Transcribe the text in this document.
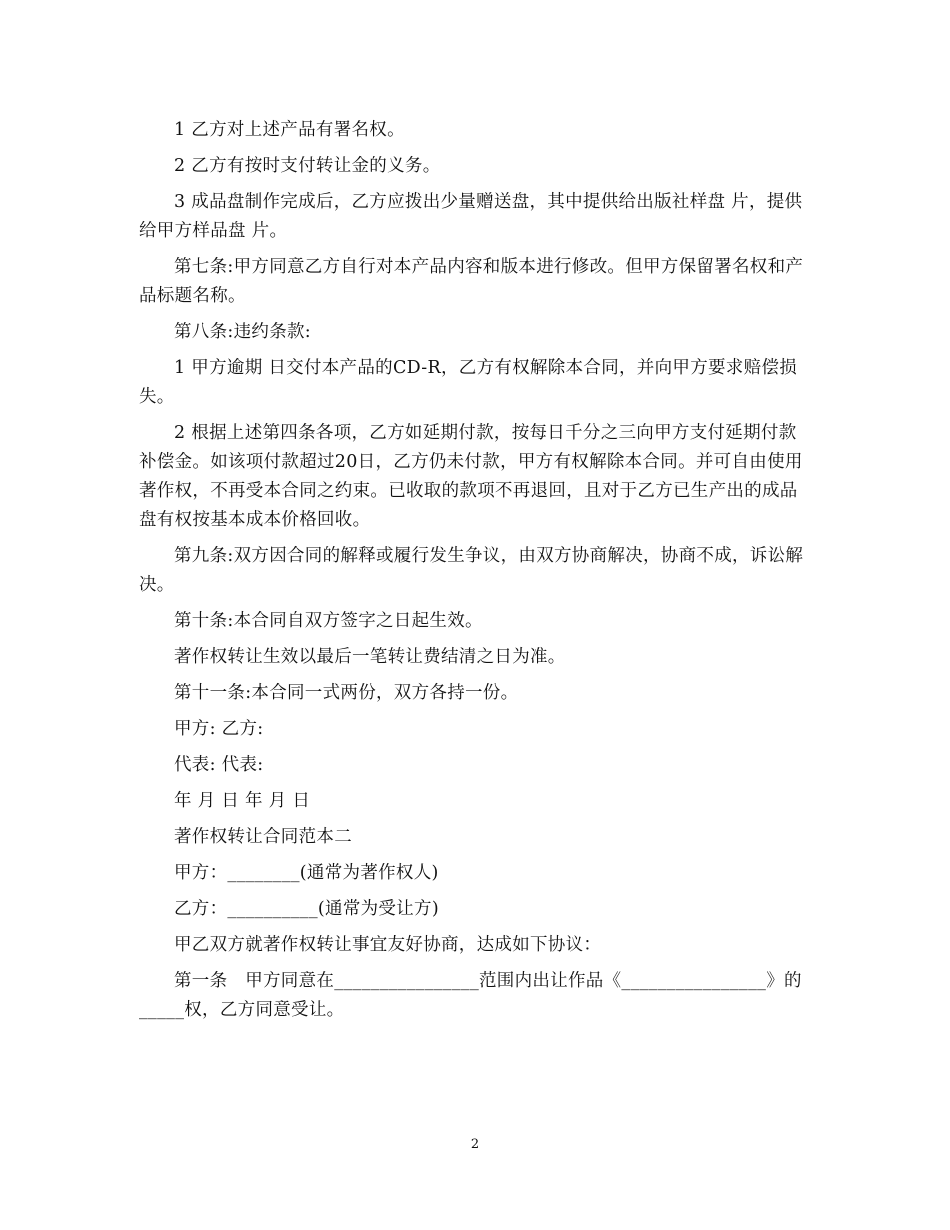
1 乙方对上述产品有署名权。

2 乙方有按时支付转让金的义务。

3 成品盘制作完成后，乙方应拨出少量赠送盘，其中提供给出版社样盘 片，提供给甲方样品盘 片。

第七条:甲方同意乙方自行对本产品内容和版本进行修改。但甲方保留署名权和产品标题名称。

第八条:违约条款:

1 甲方逾期 日交付本产品的CD-R，乙方有权解除本合同，并向甲方要求赔偿损失。

2 根据上述第四条各项，乙方如延期付款，按每日千分之三向甲方支付延期付款补偿金。如该项付款超过20日，乙方仍未付款，甲方有权解除本合同。并可自由使用著作权，不再受本合同之约束。已收取的款项不再退回，且对于乙方已生产出的成品盘有权按基本成本价格回收。

第九条:双方因合同的解释或履行发生争议，由双方协商解决，协商不成，诉讼解决。

第十条:本合同自双方签字之日起生效。

著作权转让生效以最后一笔转让费结清之日为准。

第十一条:本合同一式两份，双方各持一份。

甲方: 乙方:

代表: 代表:

年 月 日 年 月 日

著作权转让合同范本二

甲方：________(通常为著作权人)

乙方：__________(通常为受让方)

甲乙双方就著作权转让事宜友好协商，达成如下协议：

第一条　甲方同意在________________范围内出让作品《________________》的_____权，乙方同意受让。

2
